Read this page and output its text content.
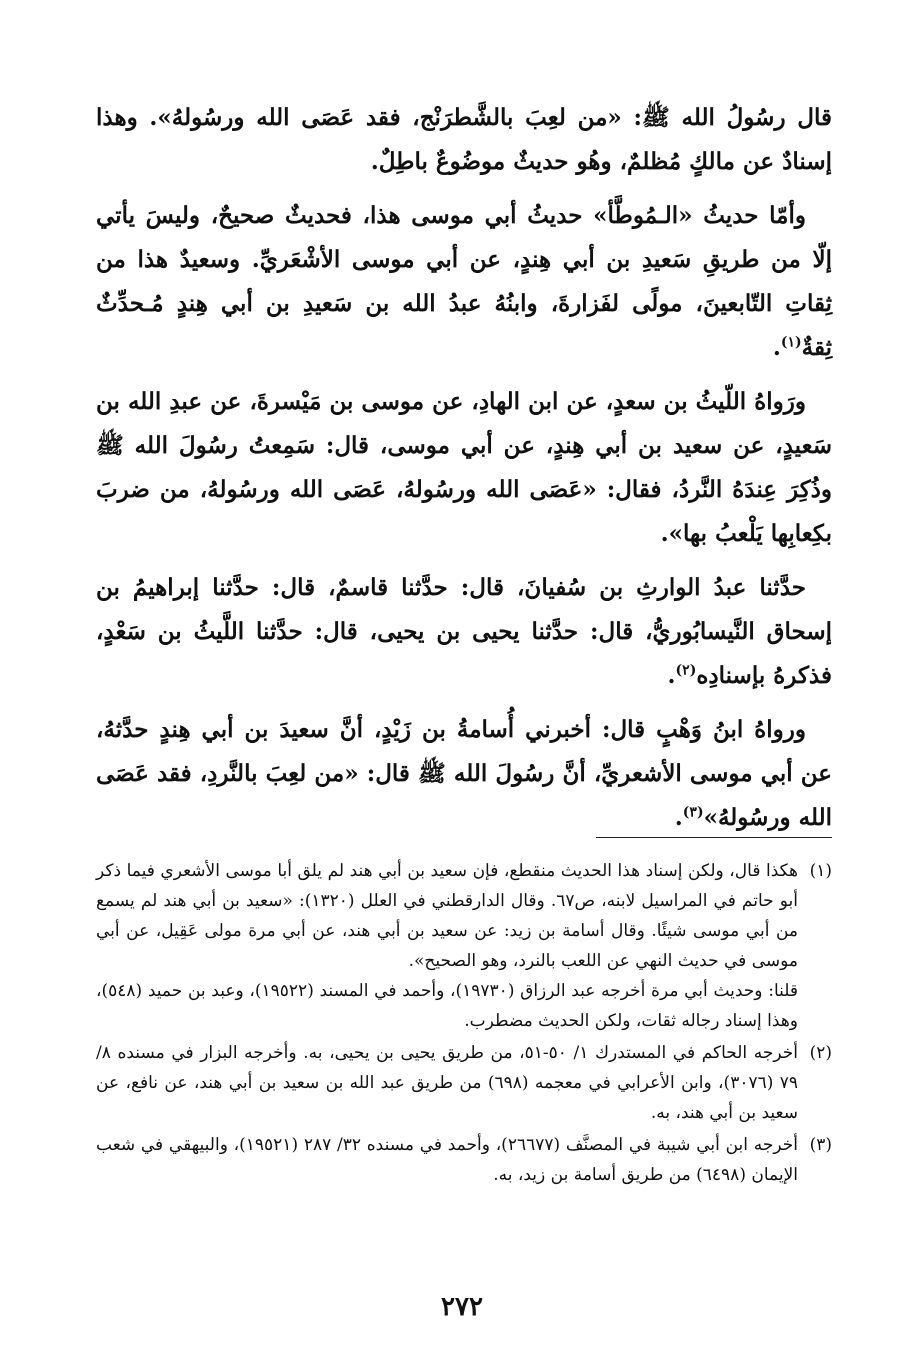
قال رسُولُ الله ﷺ: «من لعِبَ بالشَّطرَنْج، فقد عَصَى الله ورسُولهُ». وهذا إسنادٌ عن مالكٍ مُظلمٌ، وهُو حديثٌ موضُوعٌ باطِلٌ.

وأمّا حديثُ «الـمُوطَّأ» حديثُ أبي موسى هذا، فحديثٌ صحيحٌ، وليسَ يأتي إلّا من طريقِ سَعيدِ بن أبي هِندٍ، عن أبي موسى الأشْعَريِّ. وسعيدٌ هذا من ثِقاتِ التّابعينَ، مولًى لفَزارةَ، وابنُهُ عبدُ الله بن سَعيدِ بن أبي هِندٍ مُـحدِّثٌ ثِقةٌ$^{(١)}$.

ورَواهُ اللّيثُ بن سعدٍ، عن ابن الهادِ، عن موسى بن مَيْسرةَ، عن عبدِ الله بن سَعيدٍ، عن سعيد بن أبي هِندٍ، عن أبي موسى، قال: سَمِعتُ رسُولَ الله ﷺ وذُكِرَ عِندَهُ النَّردُ، فقال: «عَصَى الله ورسُولهُ، عَصَى الله ورسُولهُ، من ضربَ بكِعابِها يَلْعبُ بها».

حدَّثنا عبدُ الوارثِ بن سُفيانَ، قال: حدَّثنا قاسمٌ، قال: حدَّثنا إبراهيمُ بن إسحاق النَّيسابُوريُّ، قال: حدَّثنا يحيى بن يحيى، قال: حدَّثنا اللَّيثُ بن سَعْدٍ، فذكرهُ بإسنادِه$^{(٢)}$.

ورواهُ ابنُ وَهْبٍ قال: أخبرني أُسامةُ بن زَيْدٍ، أنَّ سعيدَ بن أبي هِندٍ حدَّثهُ، عن أبي موسى الأشعريِّ، أنَّ رسُولَ الله ﷺ قال: «من لعِبَ بالنَّردِ، فقد عَصَى الله ورسُولهُ»$^{(٣)}$.

(١)
هكذا قال، ولكن إسناد هذا الحديث منقطع، فإن سعيد بن أبي هند لم يلق أبا موسى الأشعري فيما ذكر أبو حاتم في المراسيل لابنه، ص٦٧. وقال الدارقطني في العلل (١٣٢٠): «سعيد بن أبي هند لم يسمع من أبي موسى شيئًا. وقال أسامة بن زيد: عن سعيد بن أبي هند، عن أبي مرة مولى عَقِيل، عن أبي موسى في حديث النهي عن اللعب بالنرد، وهو الصحيح».
قلنا: وحديث أبي مرة أخرجه عبد الرزاق (١٩٧٣٠)، وأحمد في المسند (١٩٥٢٢)، وعبد بن حميد (٥٤٨)، وهذا إسناد رجاله ثقات، ولكن الحديث مضطرب.
(٢)
أخرجه الحاكم في المستدرك ١/ ٥٠-٥١، من طريق يحيى بن يحيى، به. وأخرجه البزار في مسنده ٨/ ٧٩ (٣٠٧٦)، وابن الأعرابي في معجمه (٦٩٨) من طريق عبد الله بن سعيد بن أبي هند، عن نافع، عن سعيد بن أبي هند، به.
(٣)
أخرجه ابن أبي شيبة في المصنَّف (٢٦٦٧٧)، وأحمد في مسنده ٣٢/ ٢٨٧ (١٩٥٢١)، والبيهقي في شعب الإيمان (٦٤٩٨) من طريق أسامة بن زيد، به.
٢٧٢
